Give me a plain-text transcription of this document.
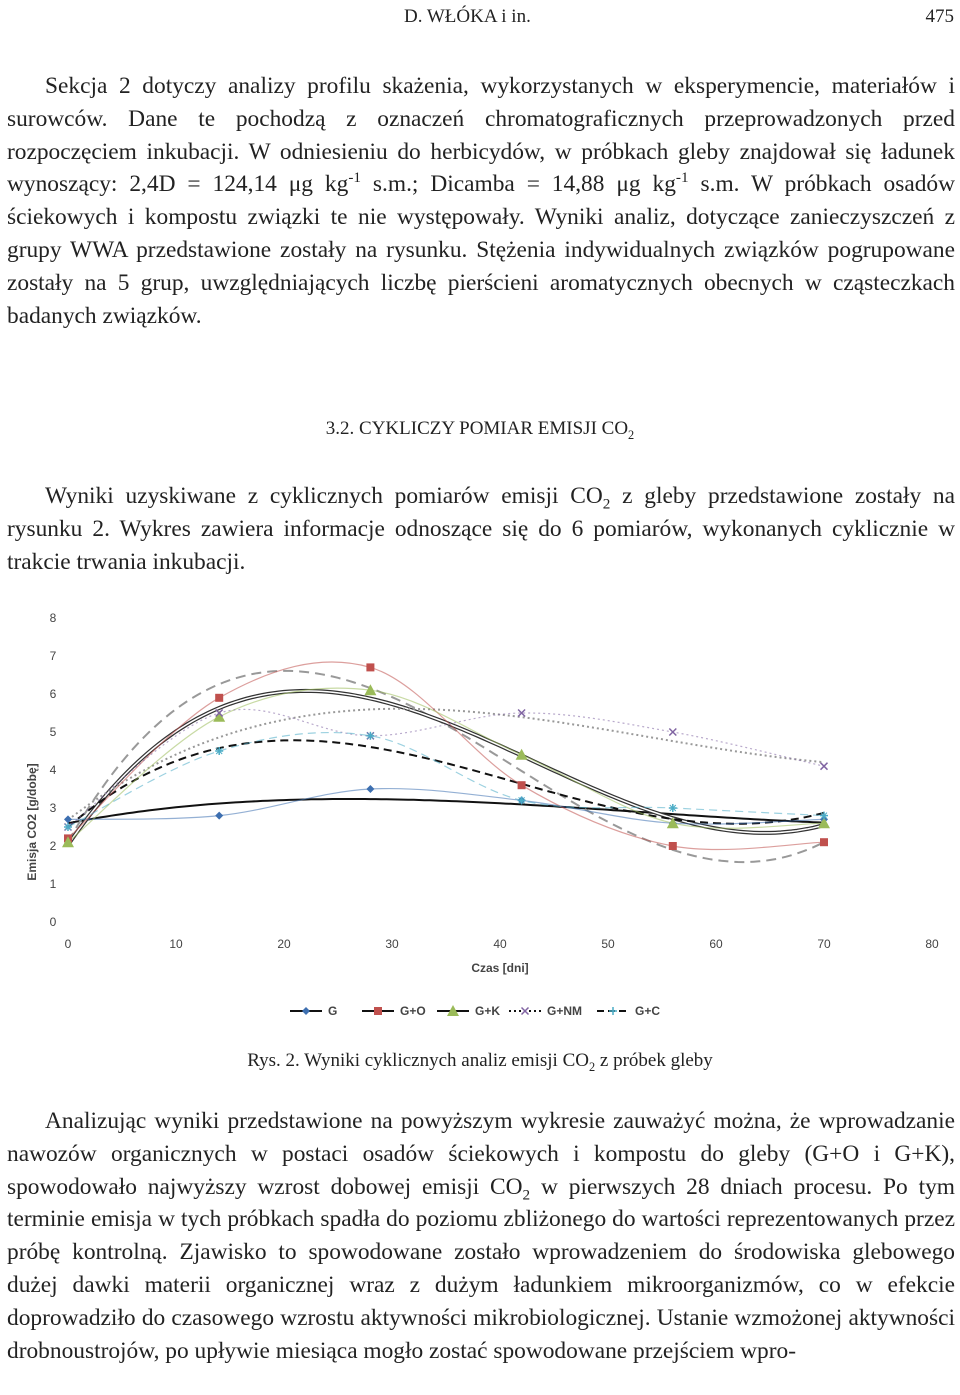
D. WŁÓKA i in.	475

Sekcja 2 dotyczy analizy profilu skażenia, wykorzystanych w eksperymencie, materiałów i surowców. Dane te pochodzą z oznaczeń chromatograficznych przeprowadzonych przed rozpoczęciem inkubacji. W odniesieniu do herbicydów, w próbkach gleby znajdował się ładunek wynoszący: 2,4D = 124,14 μg $kg^{-1}$ s.m.; Dicamba = 14,88 μg $kg^{-1}$ s.m. W próbkach osadów ściekowych i kompostu związki te nie występowały. Wyniki analiz, dotyczące zanieczyszczeń z grupy WWA przedstawione zostały na rysunku. Stężenia indywidualnych związków pogrupowane zostały na 5 grup, uwzględniających liczbę pierścieni aromatycznych obecnych w cząsteczkach badanych związków.

3.2. CYKLICZY POMIAR EMISJI $CO_2$

Wyniki uzyskiwane z cyklicznych pomiarów emisji $CO_2$ z gleby przedstawione zostały na rysunku 2. Wykres zawiera informacje odnoszące się do 6 pomiarów, wykonanych cyklicznie w trakcie trwania inkubacji.

Emisja CO2 [g/dobę]
Czas [dni]
0
1
2
3
4
5
6
7
8
0	10	20	30	40	50	60	70	80
G	G+O	G+K	G+NM	G+C
Rys. 2. Wyniki cyklicznych analiz emisji $CO_2$ z próbek gleby

Analizując wyniki przedstawione na powyższym wykresie zauważyć można, że wprowadzanie nawozów organicznych w postaci osadów ściekowych i kompostu do gleby (G+O i G+K), spowodowało najwyższy wzrost dobowej emisji $CO_2$ w pierwszych 28 dniach procesu. Po tym terminie emisja w tych próbkach spadła do poziomu zbliżonego do wartości reprezentowanych przez próbę kontrolną. Zjawisko to spowodowane zostało wprowadzeniem do środowiska glebowego dużej dawki materii organicznej wraz z dużym ładunkiem mikroorganizmów, co w efekcie doprowadziło do czasowego wzrostu aktywności mikrobiologicznej. Ustanie wzmożonej aktywności drobnoustrojów, po upływie miesiąca mogło zostać spowodowane przejściem wpro-
